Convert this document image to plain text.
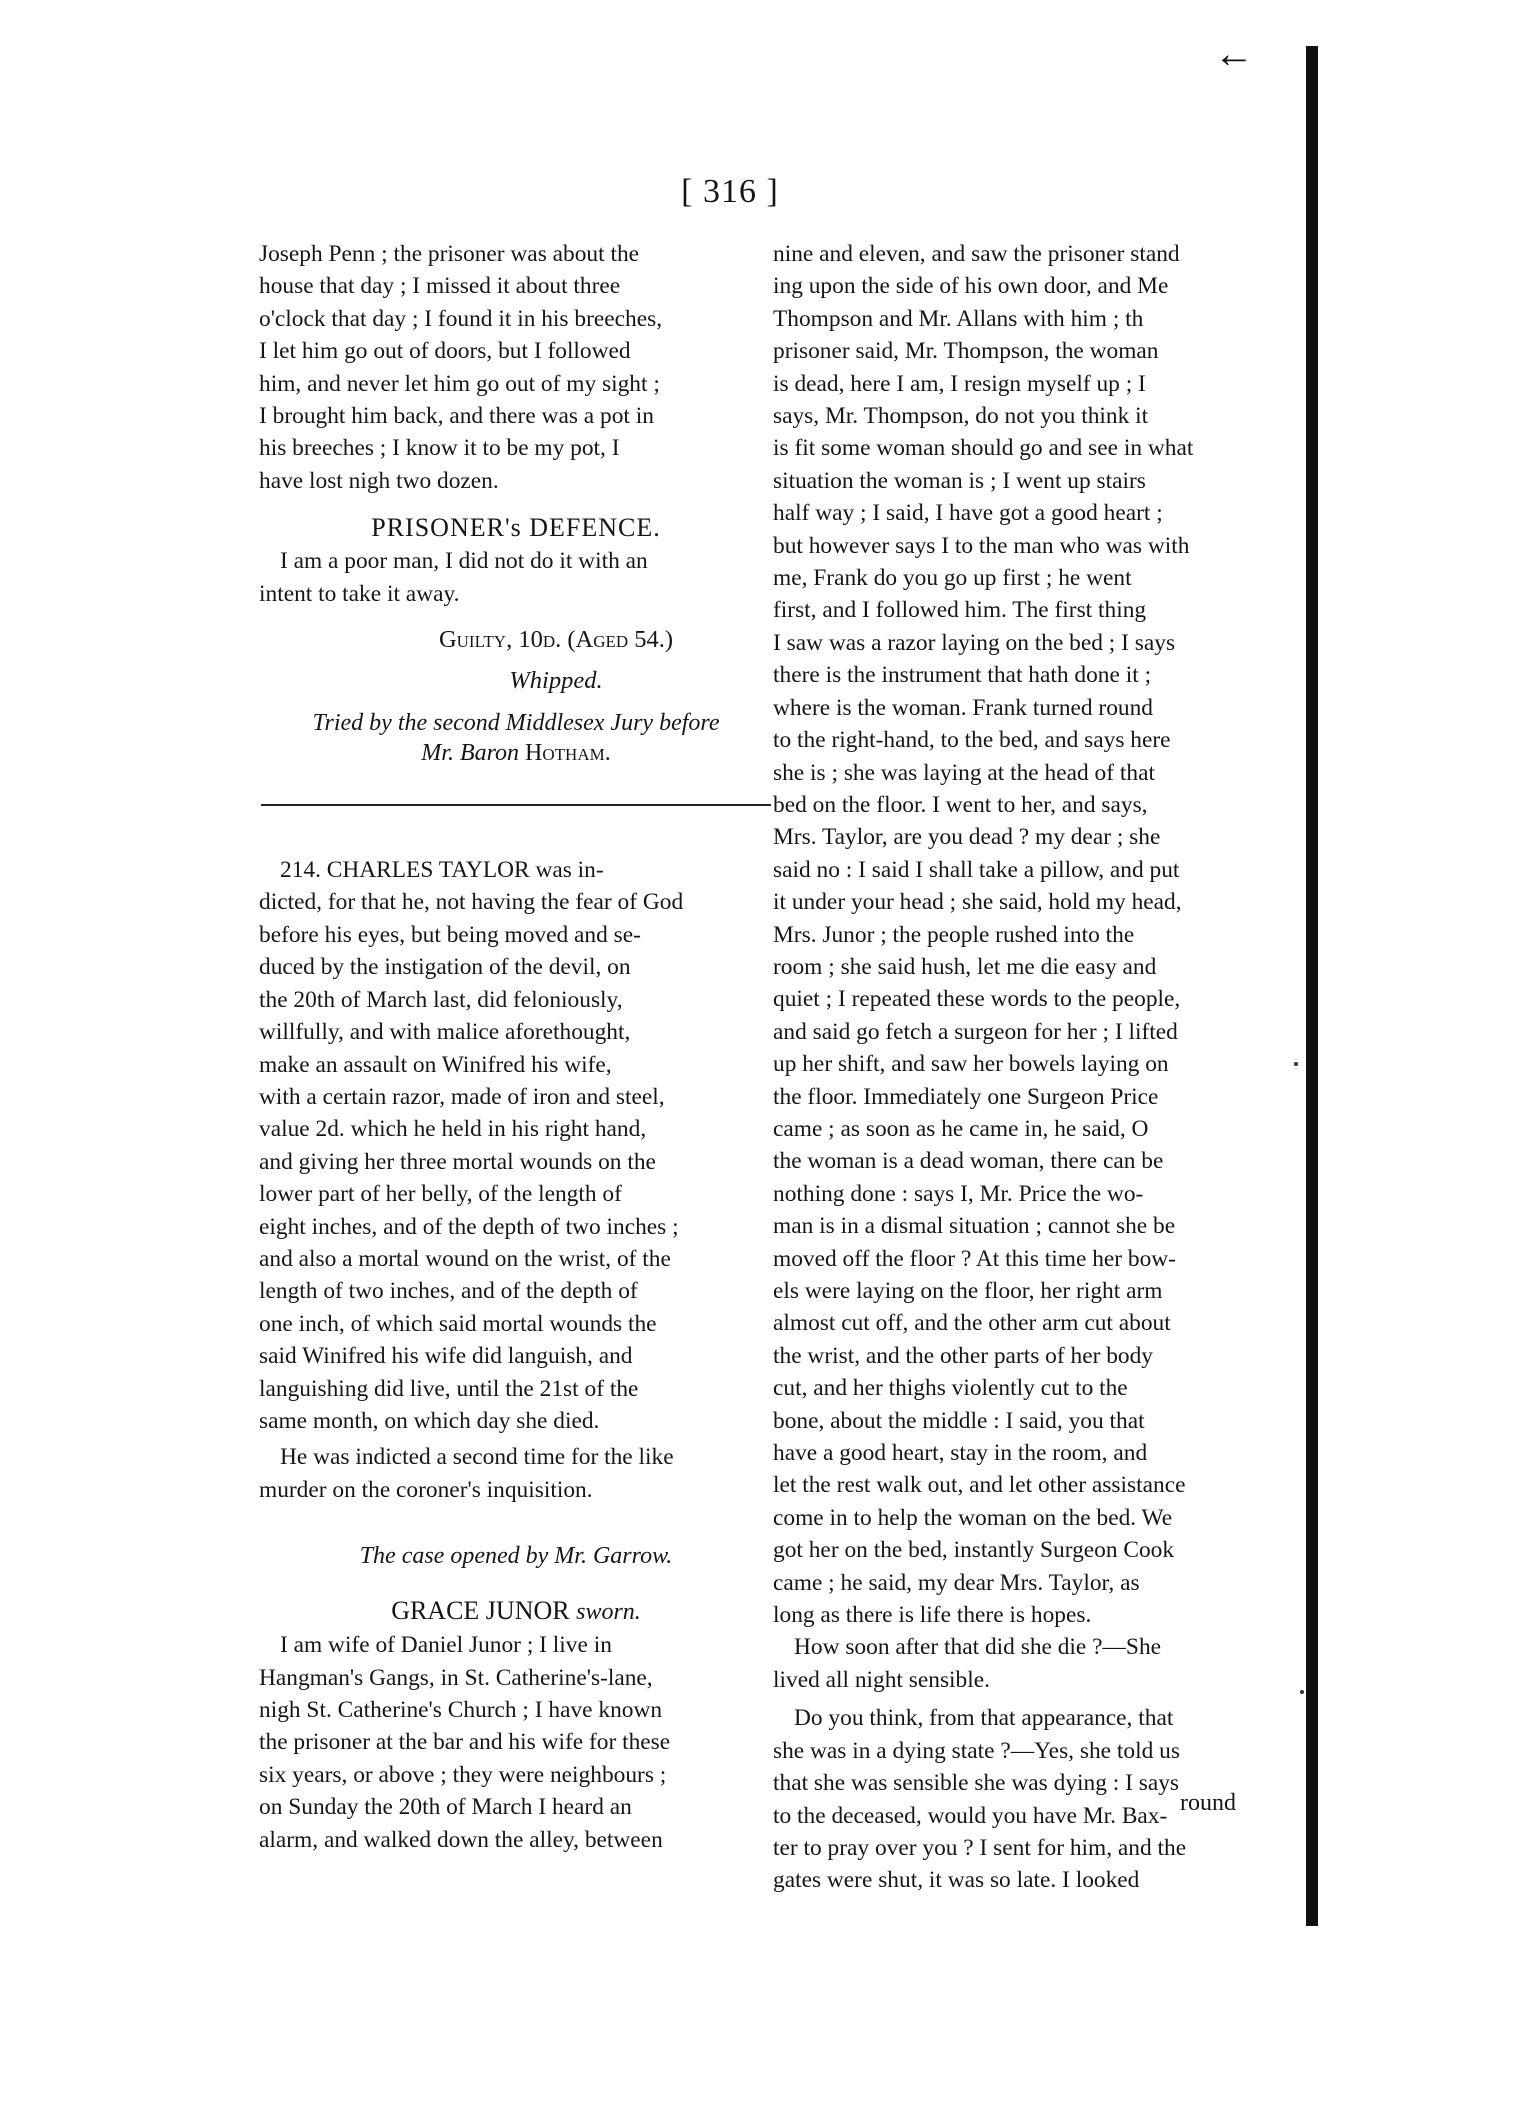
←
[ 316 ]

Joseph Penn ; the prisoner was about the
house that day ; I missed it about three
o'clock that day ; I found it in his breeches,
I let him go out of doors, but I followed
him, and never let him go out of my sight ;
I brought him back, and there was a pot in
his breeches ; I know it to be my pot, I
have lost nigh two dozen.

PRISONER's DEFENCE.

I am a poor man, I did not do it with an
intent to take it away.

Guilty, 10d. (Aged 54.)
Whipped.
Tried by the second Middlesex Jury before
Mr. Baron Hotham.

214. CHARLES TAYLOR was in-
dicted, for that he, not having the fear of God
before his eyes, but being moved and se-
duced by the instigation of the devil, on
the 20th of March last, did feloniously,
willfully, and with malice aforethought,
make an assault on Winifred his wife,
with a certain razor, made of iron and steel,
value 2d. which he held in his right hand,
and giving her three mortal wounds on the
lower part of her belly, of the length of
eight inches, and of the depth of two inches ;
and also a mortal wound on the wrist, of the
length of two inches, and of the depth of
one inch, of which said mortal wounds the
said Winifred his wife did languish, and
languishing did live, until the 21st of the
same month, on which day she died.

He was indicted a second time for the like
murder on the coroner's inquisition.

The case opened by Mr. Garrow.
GRACE JUNOR sworn.

I am wife of Daniel Junor ; I live in
Hangman's Gangs, in St. Catherine's-lane,
nigh St. Catherine's Church ; I have known
the prisoner at the bar and his wife for these
six years, or above ; they were neighbours ;
on Sunday the 20th of March I heard an
alarm, and walked down the alley, between

nine and eleven, and saw the prisoner stand
ing upon the side of his own door, and Me
Thompson and Mr. Allans with him ; th
prisoner said, Mr. Thompson, the woman
is dead, here I am, I resign myself up ; I
says, Mr. Thompson, do not you think it
is fit some woman should go and see in what
situation the woman is ; I went up stairs
half way ; I said, I have got a good heart ;
but however says I to the man who was with
me, Frank do you go up first ; he went
first, and I followed him. The first thing
I saw was a razor laying on the bed ; I says
there is the instrument that hath done it ;
where is the woman. Frank turned round
to the right-hand, to the bed, and says here
she is ; she was laying at the head of that
bed on the floor. I went to her, and says,
Mrs. Taylor, are you dead ? my dear ; she
said no : I said I shall take a pillow, and put
it under your head ; she said, hold my head,
Mrs. Junor ; the people rushed into the
room ; she said hush, let me die easy and
quiet ; I repeated these words to the people,
and said go fetch a surgeon for her ; I lifted
up her shift, and saw her bowels laying on
the floor. Immediately one Surgeon Price
came ; as soon as he came in, he said, O
the woman is a dead woman, there can be
nothing done : says I, Mr. Price the wo-
man is in a dismal situation ; cannot she be
moved off the floor ? At this time her bow-
els were laying on the floor, her right arm
almost cut off, and the other arm cut about
the wrist, and the other parts of her body
cut, and her thighs violently cut to the
bone, about the middle : I said, you that
have a good heart, stay in the room, and
let the rest walk out, and let other assistance
come in to help the woman on the bed. We
got her on the bed, instantly Surgeon Cook
came ; he said, my dear Mrs. Taylor, as
long as there is life there is hopes.

How soon after that did she die ?—She
lived all night sensible.

Do you think, from that appearance, that
she was in a dying state ?—Yes, she told us
that she was sensible she was dying : I says
to the deceased, would you have Mr. Bax-
ter to pray over you ? I sent for him, and the
gates were shut, it was so late. I looked

round
